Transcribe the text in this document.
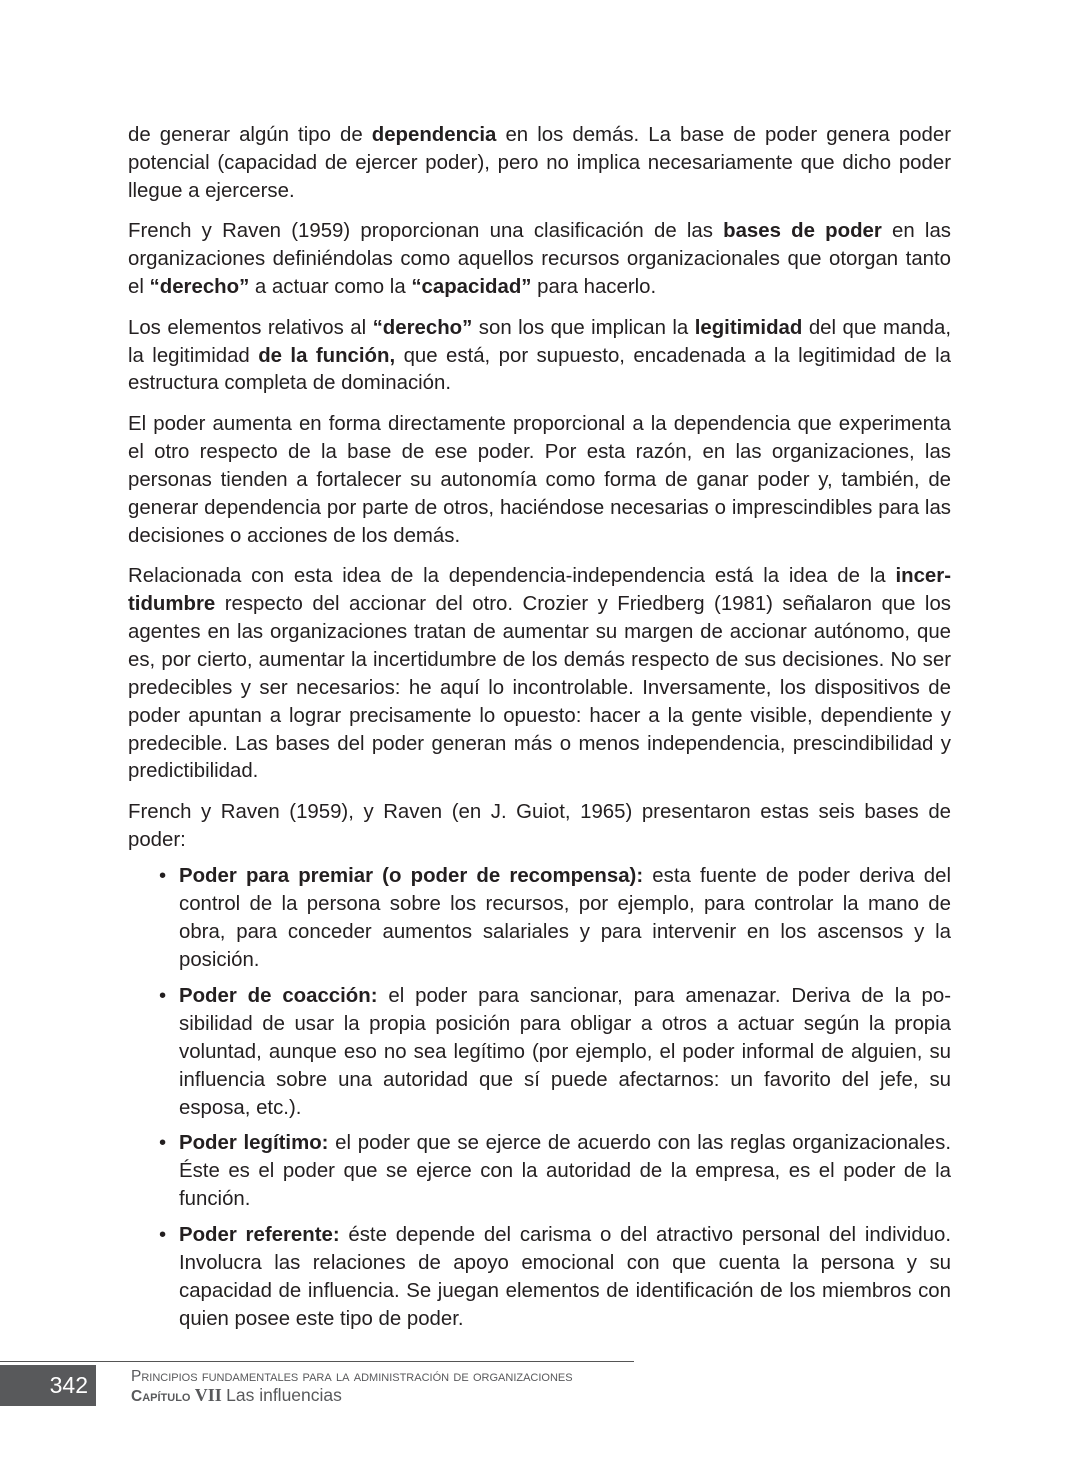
de generar algún tipo de dependencia en los demás. La base de poder genera poder potencial (capacidad de ejercer poder), pero no implica necesariamente que dicho poder llegue a ejercerse.

French y Raven (1959) proporcionan una clasificación de las bases de poder en las organizaciones definiéndolas como aquellos recursos organizacionales que otorgan tanto el “derecho” a actuar como la “capacidad” para hacerlo.

Los elementos relativos al “derecho” son los que implican la legitimidad del que manda, la legitimidad de la función, que está, por supuesto, encadenada a la legitimidad de la estructura completa de dominación.

El poder aumenta en forma directamente proporcional a la dependencia que experimenta el otro respecto de la base de ese poder. Por esta razón, en las organizaciones, las personas tienden a fortalecer su autonomía como forma de ganar poder y, también, de generar dependencia por parte de otros, haciéndose necesarias o imprescindibles para las decisiones o acciones de los demás.

Relacionada con esta idea de la dependencia-independencia está la idea de la incertidumbre respecto del accionar del otro. Crozier y Friedberg (1981) señalaron que los agentes en las organizaciones tratan de aumentar su margen de accionar autónomo, que es, por cierto, aumentar la incertidumbre de los demás respecto de sus decisiones. No ser predecibles y ser necesarios: he aquí lo incontrolable. Inversamente, los dispositivos de poder apuntan a lograr precisamente lo opuesto: hacer a la gente visible, dependiente y predecible. Las bases del poder generan más o menos independencia, prescindibilidad y predictibilidad.

French y Raven (1959), y Raven (en J. Guiot, 1965) presentaron estas seis bases de poder:

• Poder para premiar (o poder de recompensa): esta fuente de poder deriva del control de la persona sobre los recursos, por ejemplo, para controlar la mano de obra, para conceder aumentos salariales y para intervenir en los ascensos y la posición.
• Poder de coacción: el poder para sancionar, para amenazar. Deriva de la posibilidad de usar la propia posición para obligar a otros a actuar según la propia voluntad, aunque eso no sea legítimo (por ejemplo, el poder informal de alguien, su influencia sobre una autoridad que sí puede afectarnos: un favorito del jefe, su esposa, etc.).
• Poder legítimo: el poder que se ejerce de acuerdo con las reglas organizacionales. Éste es el poder que se ejerce con la autoridad de la empresa, es el poder de la función.
• Poder referente: éste depende del carisma o del atractivo personal del individuo. Involucra las relaciones de apoyo emocional con que cuenta la persona y su capacidad de influencia. Se juegan elementos de identificación de los miembros con quien posee este tipo de poder.
342	Principios fundamentales para la administración de organizaciones
Capítulo VII Las influencias
